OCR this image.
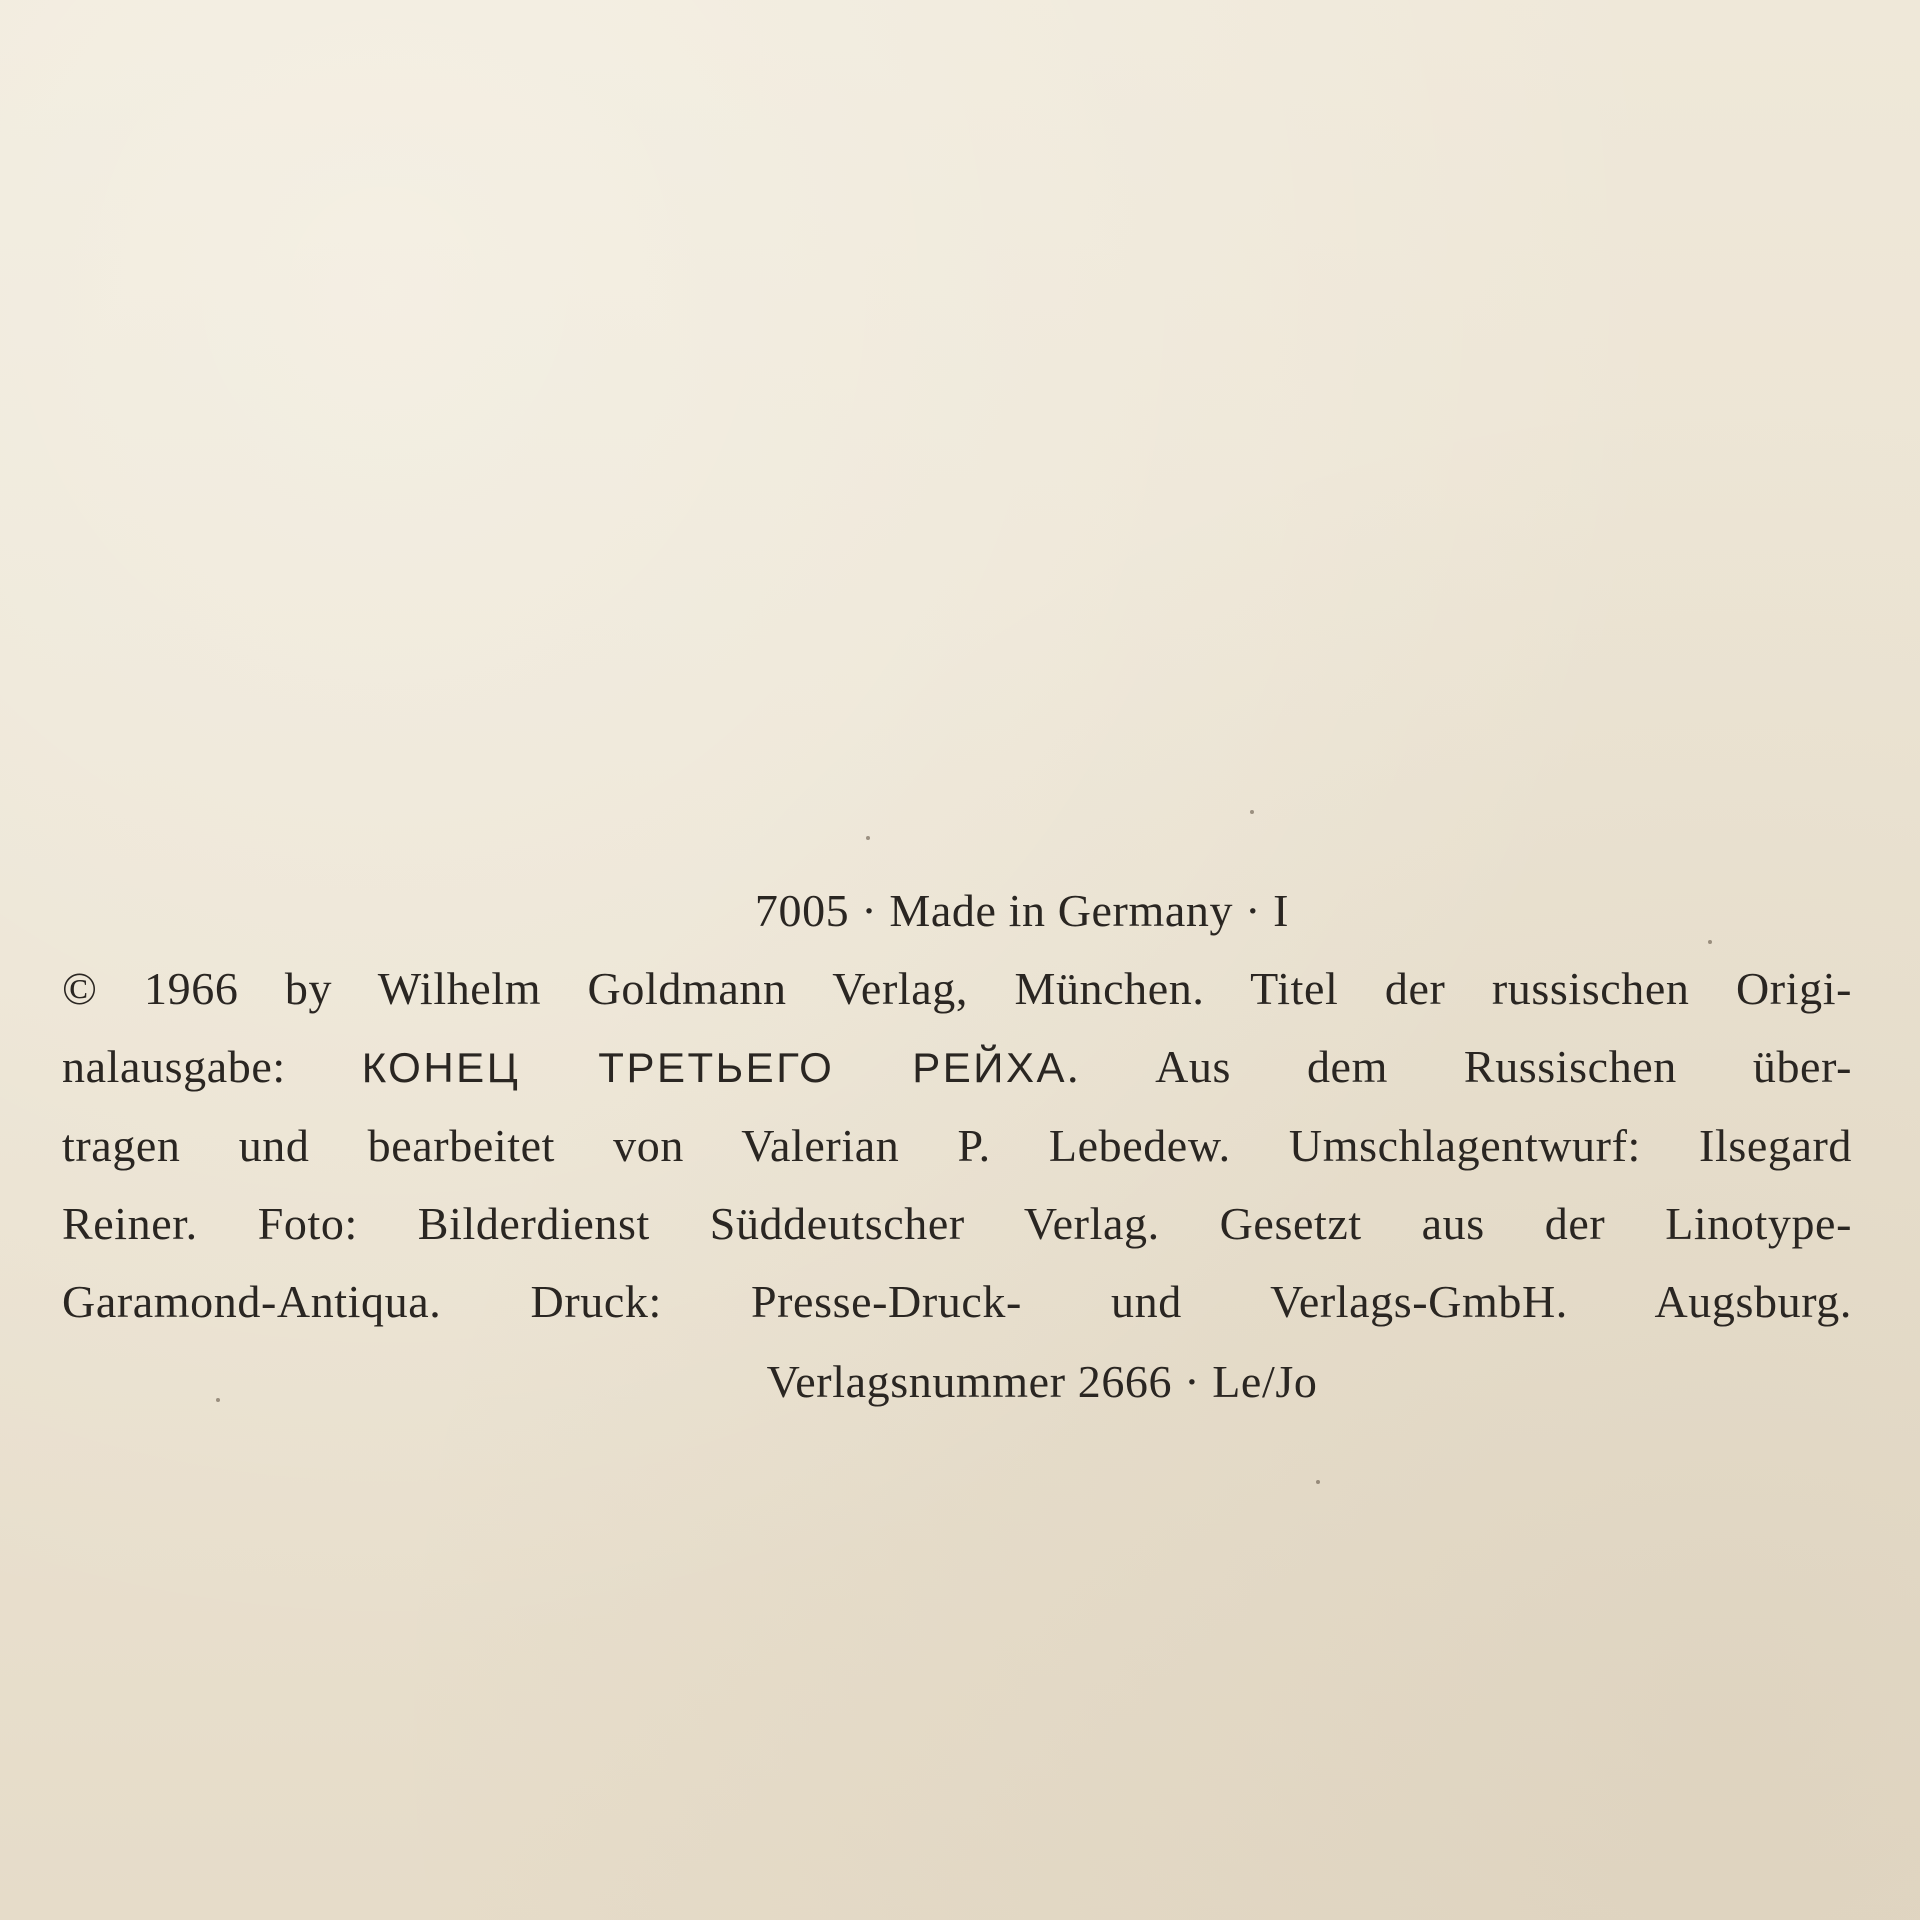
7005 · Made in Germany · I
© 1966 by Wilhelm Goldmann Verlag, München. Titel der russischen Origi-
nalausgabe: КОНЕЦ ТРЕТЬЕГО РЕЙХА. Aus dem Russischen über-
tragen und bearbeitet von Valerian P. Lebedew. Umschlagentwurf: Ilsegard
Reiner. Foto: Bilderdienst Süddeutscher Verlag. Gesetzt aus der Linotype-
Garamond-Antiqua. Druck: Presse-Druck- und Verlags-GmbH. Augsburg.
Verlagsnummer 2666 · Le/Jo
